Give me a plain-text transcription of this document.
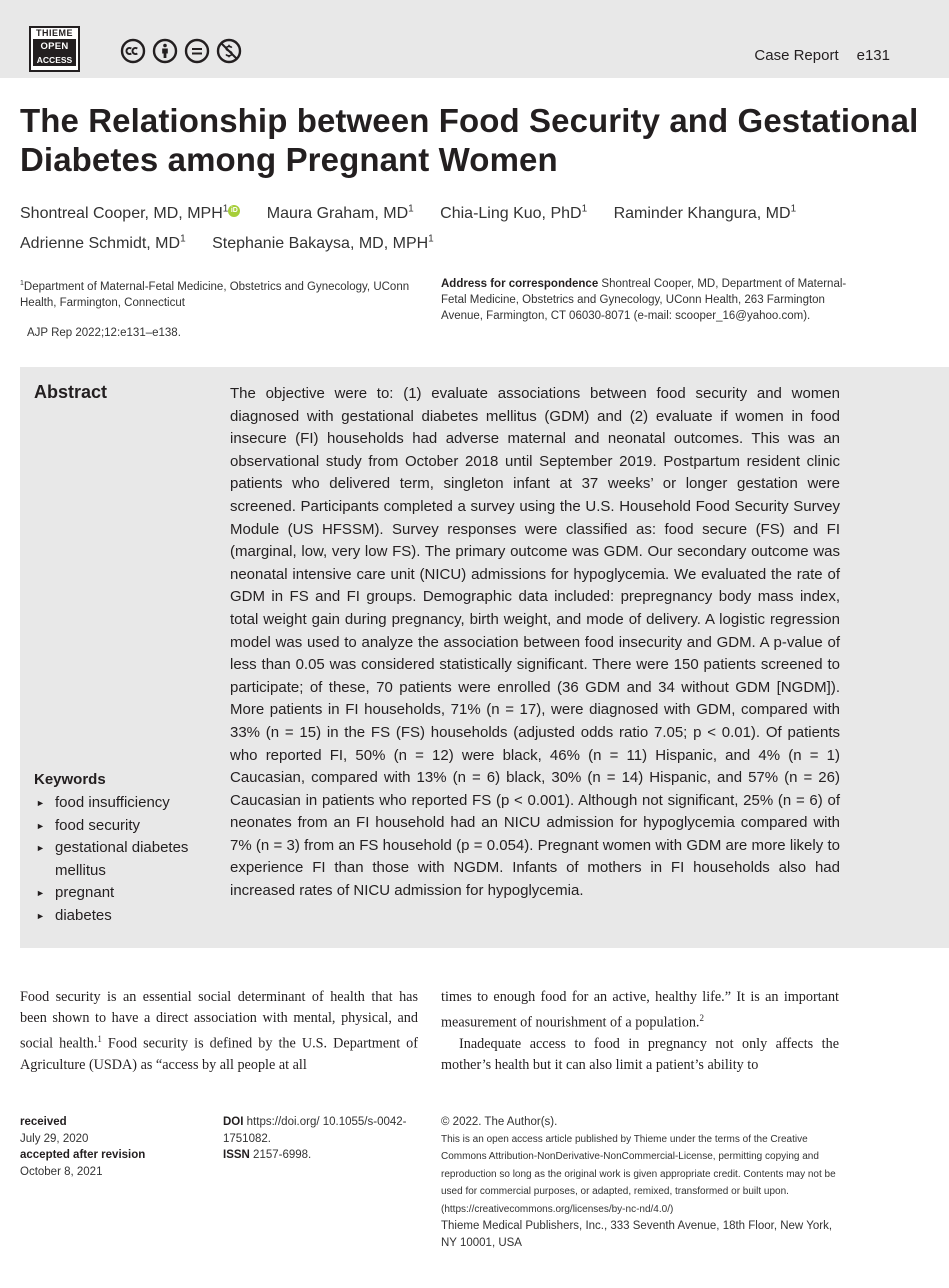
THIEME
OPEN
ACCESS	Case Report e131
The Relationship between Food Security and Gestational Diabetes among Pregnant Women
Shontreal Cooper, MD, MPH$^1$ iD Maura Graham, $MD^1$ Chia-Ling Kuo, PhD$^1$ Raminder Khangura, $MD^1$ Adrienne Schmidt, $MD^1$ Stephanie Bakaysa, MD, MPH$^1$
$^1$Department of Maternal-Fetal Medicine, Obstetrics and Gynecology, UConn Health, Farmington, Connecticut
AJP Rep 2022;12:e131–e138.
Address for correspondence Shontreal Cooper, MD, Department of Maternal-Fetal Medicine, Obstetrics and Gynecology, UConn Health, 263 Farmington Avenue, Farmington, CT 06030-8071 (e-mail: scooper_16@yahoo.com).
Abstract	The objective were to: (1) evaluate associations between food security and women diagnosed with gestational diabetes mellitus (GDM) and (2) evaluate if women in food insecure (FI) households had adverse maternal and neonatal outcomes. This was an observational study from October 2018 until September 2019. Postpartum resident clinic patients who delivered term, singleton infant at 37 weeks’ or longer gestation were screened. Participants completed a survey using the U.S. Household Food Security Survey Module (US HFSSM). Survey responses were classified as: food secure (FS) and FI (marginal, low, very low FS). The primary outcome was GDM. Our secondary outcome was neonatal intensive care unit (NICU) admissions for hypoglycemia. We evaluated the rate of GDM in FS and FI groups. Demographic data included: prepregnancy body mass index, total weight gain during pregnancy, birth weight, and mode of delivery. A logistic regression model was used to analyze the association between food insecurity and GDM. A p-value of less than 0.05 was considered statistically significant. There were 150 patients screened to participate; of these, 70 patients were enrolled (36 GDM and 34 without GDM [NGDM]). More patients in FI households, 71% (n = 17), were diagnosed with GDM, compared with 33% (n = 15) in the FS (FS) households (adjusted odds ratio 7.05; p < 0.01). Of patients who reported FI, 50% (n = 12) were black, 46% (n = 11) Hispanic, and 4% (n = 1) Caucasian, compared with 13% (n = 6) black, 30% (n = 14) Hispanic, and 57% (n = 26) Caucasian in patients who reported FS (p < 0.001). Although not significant, 25% (n = 6) of neonates from an FI household had an NICU admission for hypoglycemia compared with 7% (n = 3) from an FS household (p = 0.054). Pregnant women with GDM are more likely to experience FI than those with NGDM. Infants of mothers in FI households also had increased rates of NICU admission for hypoglycemia.

Keywords
► food insufficiency
► food security
► gestational diabetes mellitus
► pregnant
► diabetes

Food security is an essential social determinant of health that has been shown to have a direct association with mental, physical, and social health.$^1$ Food security is defined by the U.S. Department of Agriculture (USDA) as “access by all people at all

times to enough food for an active, healthy life.” It is an important measurement of nourishment of a population.$^2$
Inadequate access to food in pregnancy not only affects the mother’s health but it can also limit a patient’s ability to

received
July 29, 2020
accepted after revision
October 8, 2021
DOI https://doi.org/ 10.1055/s-0042-1751082.
ISSN 2157-6998.
© 2022. The Author(s).
This is an open access article published by Thieme under the terms of the Creative Commons Attribution-NonDerivative-NonCommercial-License, permitting copying and reproduction so long as the original work is given appropriate credit. Contents may not be used for commercial purposes, or adapted, remixed, transformed or built upon. (https://creativecommons.org/licenses/by-nc-nd/4.0/)
Thieme Medical Publishers, Inc., 333 Seventh Avenue, 18th Floor, New York, NY 10001, USA
